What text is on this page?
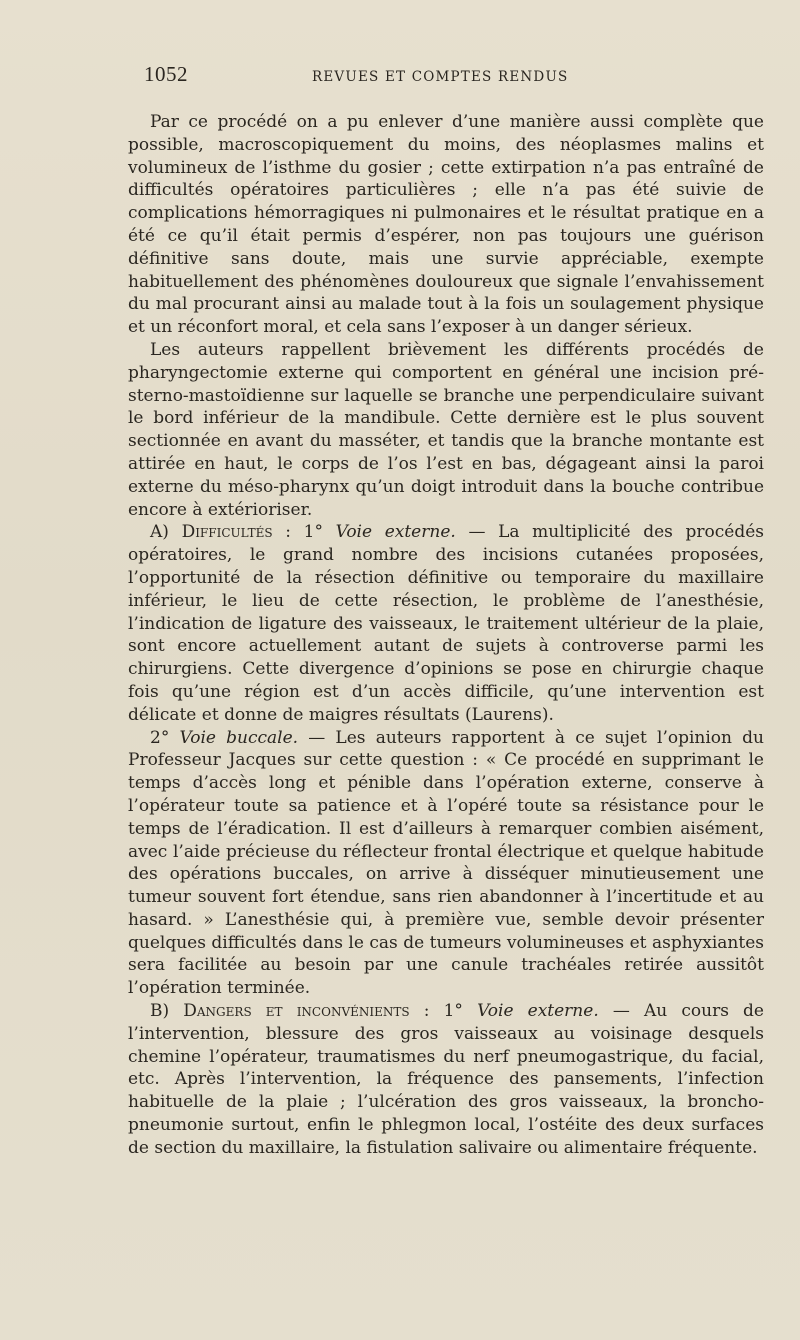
1052	REVUES ET COMPTES RENDUS

Par ce procédé on a pu enlever d’une manière aussi complète que possible, macroscopiquement du moins, des néoplasmes malins et volumineux de l’isthme du gosier ; cette extirpation n’a pas entraîné de difficultés opératoires particulières ; elle n’a pas été suivie de complications hémorragiques ni pulmonaires et le résultat pratique en a été ce qu’il était permis d’espérer, non pas toujours une guérison définitive sans doute, mais une survie appréciable, exempte habituellement des phénomènes douloureux que signale l’envahissement du mal procurant ainsi au malade tout à la fois un soulagement physique et un réconfort moral, et cela sans l’exposer à un danger sérieux.

Les auteurs rappellent brièvement les différents procédés de pharyngectomie externe qui comportent en général une incision pré-sterno-mastoïdienne sur laquelle se branche une perpendiculaire suivant le bord inférieur de la mandibule. Cette dernière est le plus souvent sectionnée en avant du masséter, et tandis que la branche montante est attirée en haut, le corps de l’os l’est en bas, dégageant ainsi la paroi externe du méso-pharynx qu’un doigt introduit dans la bouche contribue encore à extérioriser.

A) Difficultés : 1° Voie externe. — La multiplicité des procédés opératoires, le grand nombre des incisions cutanées proposées, l’opportunité de la résection définitive ou temporaire du maxillaire inférieur, le lieu de cette résection, le problème de l’anesthésie, l’indication de ligature des vaisseaux, le traitement ultérieur de la plaie, sont encore actuellement autant de sujets à controverse parmi les chirurgiens. Cette divergence d’opinions se pose en chirurgie chaque fois qu’une région est d’un accès difficile, qu’une intervention est délicate et donne de maigres résultats (Laurens).

2° Voie buccale. — Les auteurs rapportent à ce sujet l’opinion du Professeur Jacques sur cette question : « Ce procédé en supprimant le temps d’accès long et pénible dans l’opération externe, conserve à l’opérateur toute sa patience et à l’opéré toute sa résistance pour le temps de l’éradication. Il est d’ailleurs à remarquer combien aisément, avec l’aide précieuse du réflecteur frontal électrique et quelque habitude des opérations buccales, on arrive à disséquer minutieusement une tumeur souvent fort étendue, sans rien abandonner à l’incertitude et au hasard. » L’anesthésie qui, à première vue, semble devoir présenter quelques difficultés dans le cas de tumeurs volumineuses et asphyxiantes sera facilitée au besoin par une canule trachéales retirée aussitôt l’opération terminée.

B) Dangers et inconvénients : 1° Voie externe. — Au cours de l’intervention, blessure des gros vaisseaux au voisinage desquels chemine l’opérateur, traumatismes du nerf pneumogastrique, du facial, etc. Après l’intervention, la fréquence des pansements, l’infection habituelle de la plaie ; l’ulcération des gros vaisseaux, la broncho-pneumonie surtout, enfin le phlegmon local, l’ostéite des deux surfaces de section du maxillaire, la fistulation salivaire ou alimentaire fréquente.
